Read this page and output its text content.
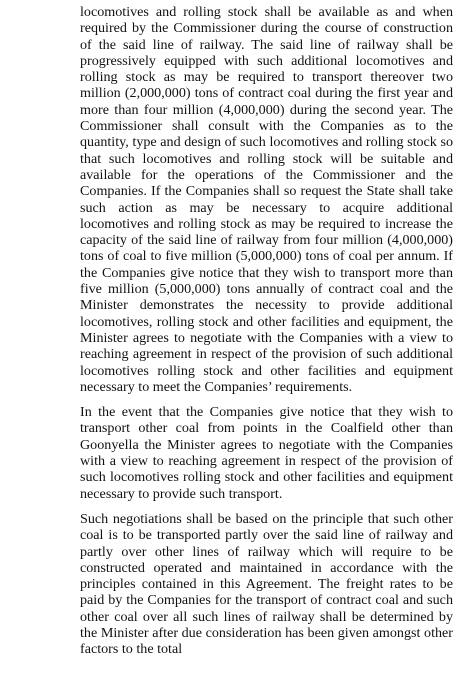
locomotives and rolling stock shall be available as and when required by the Commissioner during the course of construction of the said line of railway. The said line of railway shall be progressively equipped with such additional locomotives and rolling stock as may be required to transport thereover two million (2,000,000) tons of contract coal during the first year and more than four million (4,000,000) during the second year. The Commissioner shall consult with the Companies as to the quantity, type and design of such locomotives and rolling stock so that such locomotives and rolling stock will be suitable and available for the operations of the Commissioner and the Companies. If the Companies shall so request the State shall take such action as may be necessary to acquire additional locomotives and rolling stock as may be required to increase the capacity of the said line of railway from four million (4,000,000) tons of coal to five million (5,000,000) tons of coal per annum. If the Companies give notice that they wish to transport more than five million (5,000,000) tons annually of contract coal and the Minister demonstrates the necessity to provide additional locomotives, rolling stock and other facilities and equipment, the Minister agrees to negotiate with the Companies with a view to reaching agreement in respect of the provision of such additional locomotives rolling stock and other facilities and equipment necessary to meet the Companies’ requirements.

In the event that the Companies give notice that they wish to transport other coal from points in the Coalfield other than Goonyella the Minister agrees to negotiate with the Companies with a view to reaching agreement in respect of the provision of such locomotives rolling stock and other facilities and equipment necessary to provide such transport.

Such negotiations shall be based on the principle that such other coal is to be transported partly over the said line of railway and partly over other lines of railway which will require to be constructed operated and maintained in accordance with the principles contained in this Agreement. The freight rates to be paid by the Companies for the transport of contract coal and such other coal over all such lines of railway shall be determined by the Minister after due consideration has been given amongst other factors to the total
